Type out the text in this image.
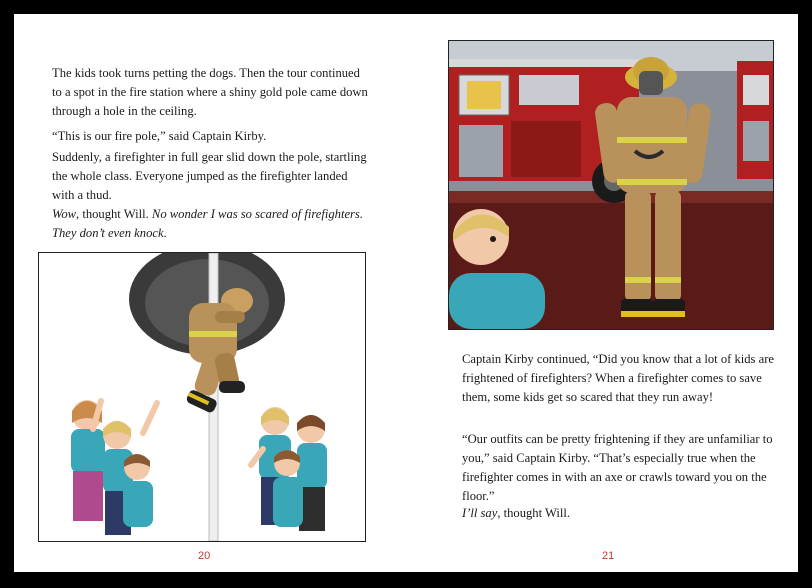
The kids took turns petting the dogs. Then the tour continued to a spot in the fire station where a shiny gold pole came down through a hole in the ceiling.

“This is our fire pole,” said Captain Kirby.

Suddenly, a firefighter in full gear slid down the pole, startling the whole class. Everyone jumped as the firefighter landed with a thud.

Wow, thought Will. No wonder I was so scared of firefighters. They don’t even knock.

20

Captain Kirby continued, “Did you know that a lot of kids are frightened of firefighters? When a firefighter comes to save them, some kids get so scared that they run away!

“Our outfits can be pretty frightening if they are unfamiliar to you,” said Captain Kirby. “That’s especially true when the firefighter comes in with an axe or crawls toward you on the floor.”

I’ll say, thought Will.

21
